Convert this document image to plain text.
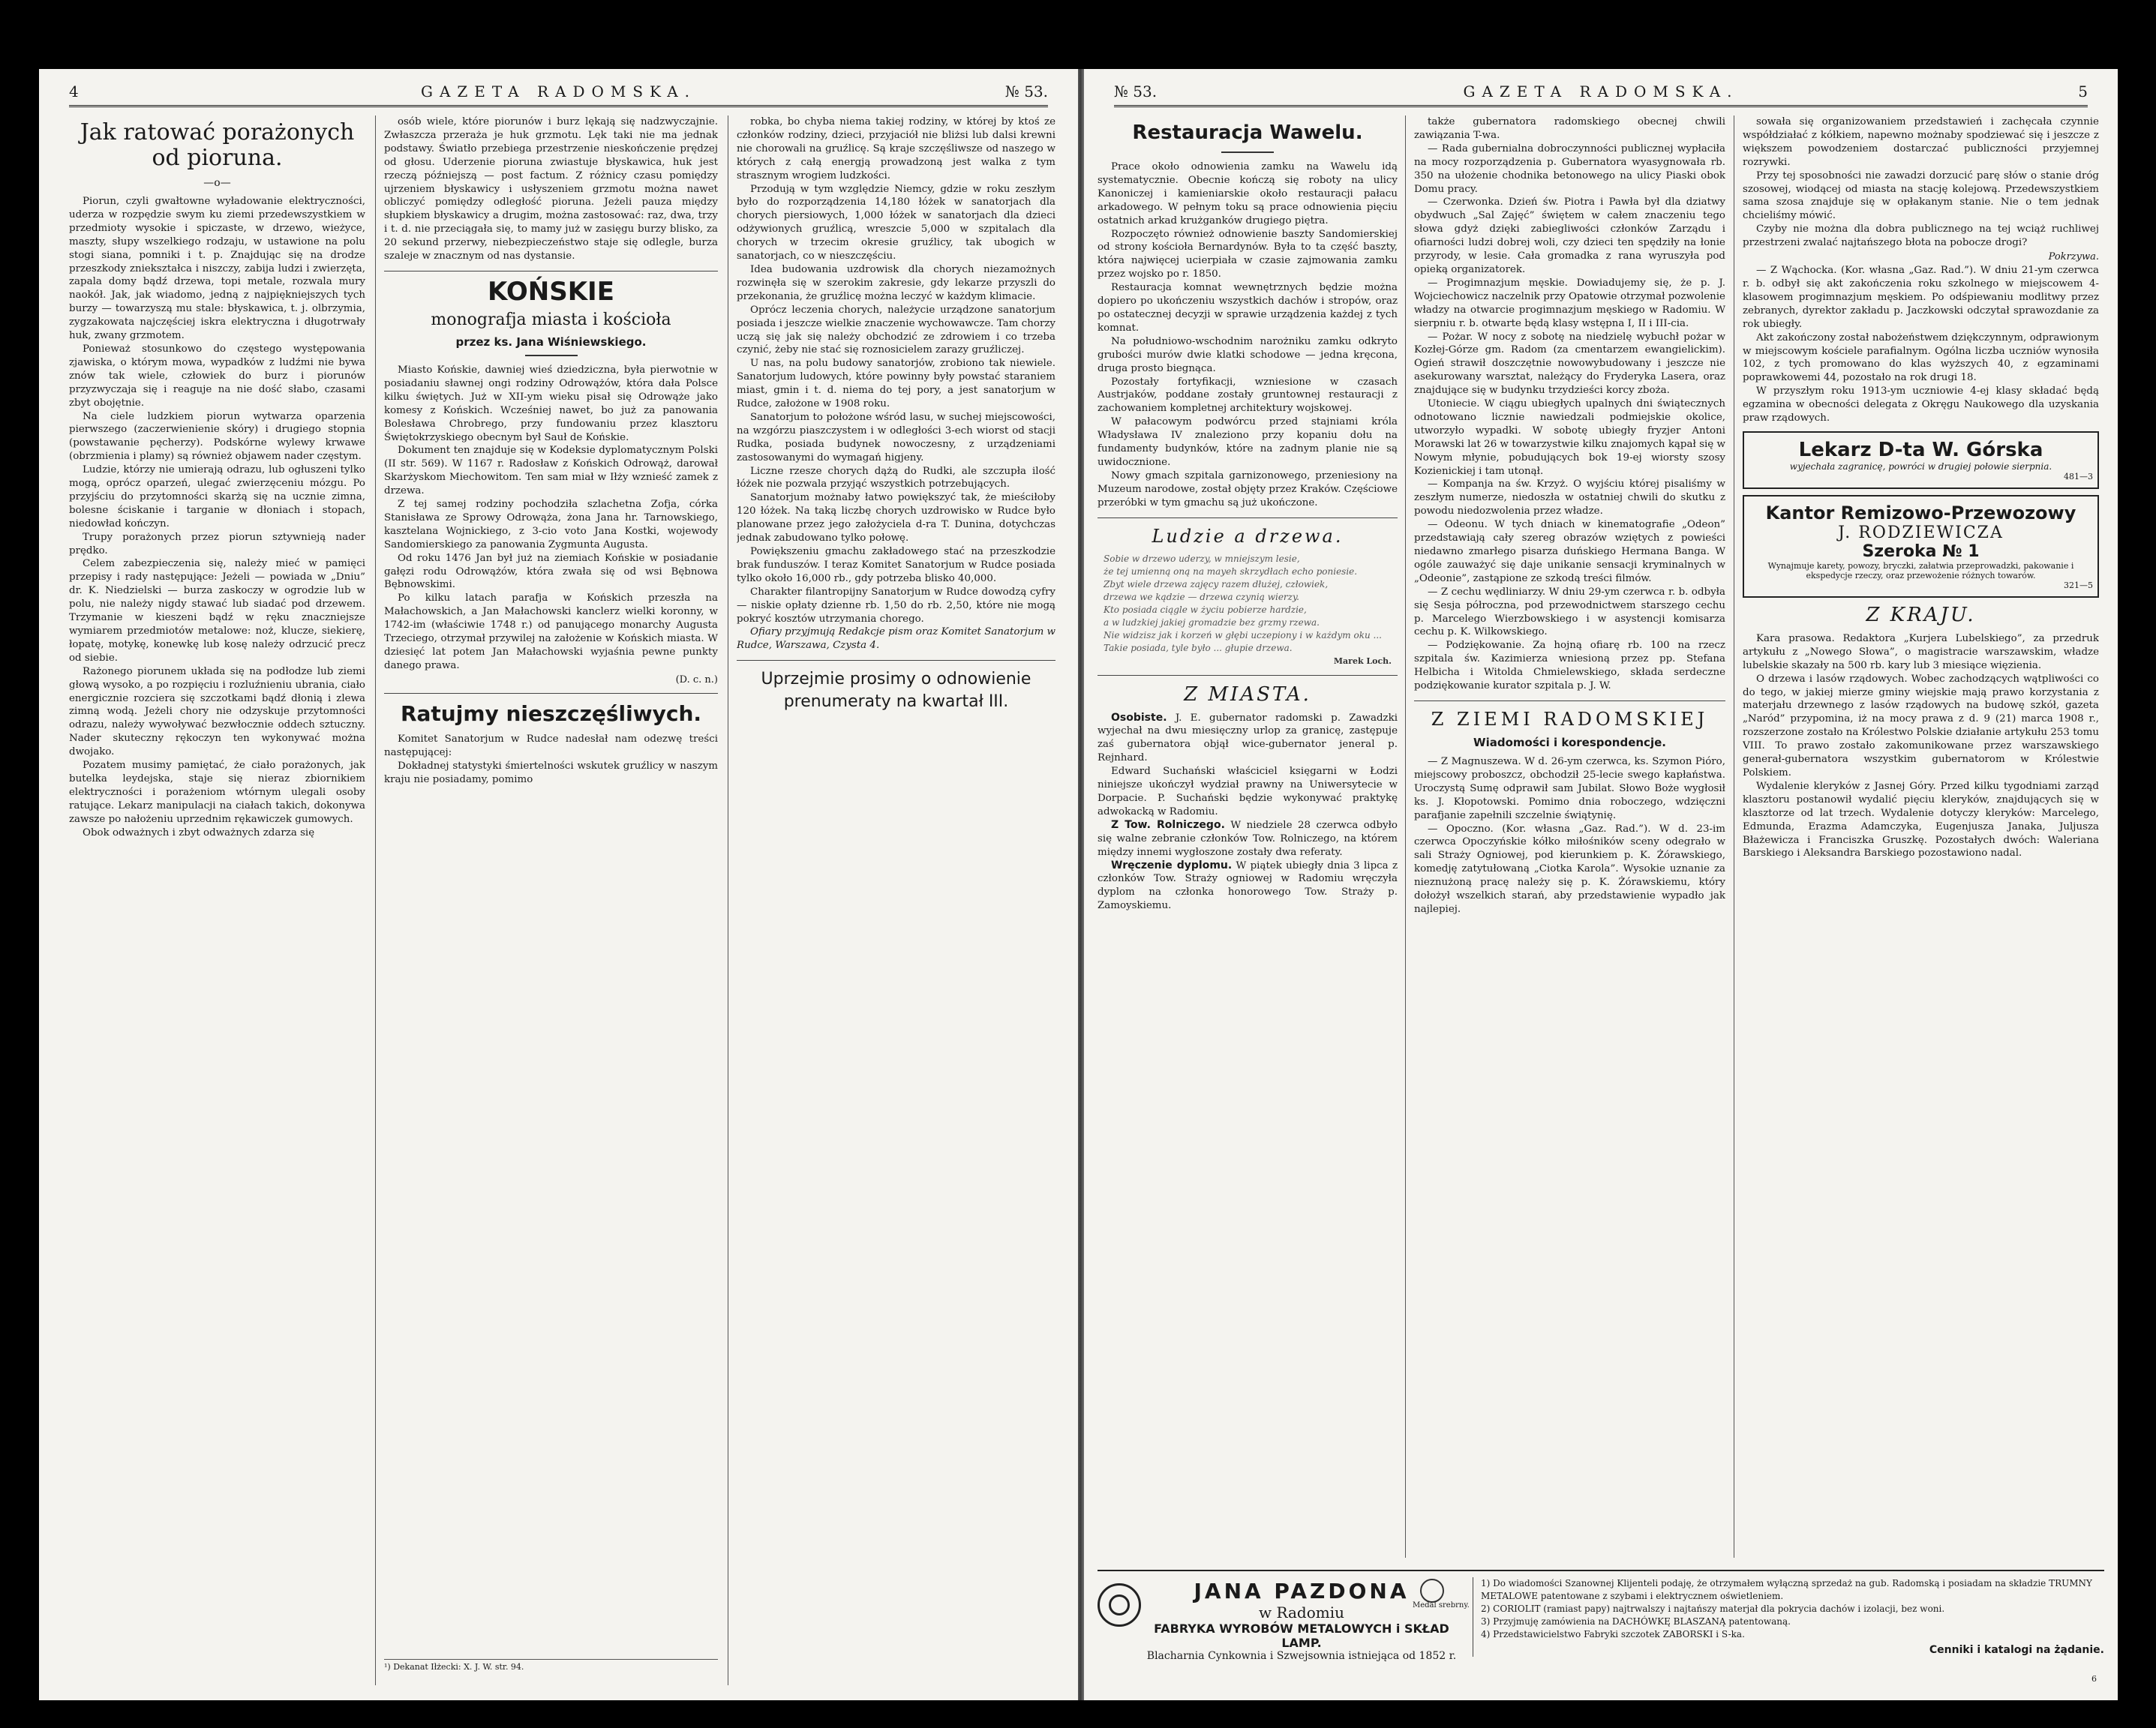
4	GAZETA RADOMSKA.	№ 53.
Jak ratować porażonych od pioruna.
—o—

Piorun, czyli gwałtowne wyładowanie elektryczności, uderza w rozpędzie swym ku ziemi przedewszystkiem w przedmioty wysokie i spiczaste, w drzewo, wieżyce, maszty, słupy wszelkiego rodzaju, w ustawione na polu stogi siana, pomniki i t. p. Znajdując się na drodze przeszkody zniekształca i niszczy, zabija ludzi i zwierzęta, zapala domy bądź drzewa, topi metale, rozwala mury naokół. Jak, jak wiadomo, jedną z najpiękniejszych tych burzy — towarzyszą mu stale: błyskawica, t. j. olbrzymia, zygzakowata najczęściej iskra elektryczna i długotrwały huk, zwany grzmotem.

Ponieważ stosunkowo do częstego występowania zjawiska, o którym mowa, wypadków z ludźmi nie bywa znów tak wiele, człowiek do burz i piorunów przyzwyczaja się i reaguje na nie dość słabo, czasami zbyt obojętnie.

Na ciele ludzkiem piorun wytwarza oparzenia pierwszego (zaczerwienienie skóry) i drugiego stopnia (powstawanie pęcherzy). Podskórne wylewy krwawe (obrzmienia i plamy) są również objawem nader częstym.

Ludzie, którzy nie umierają odrazu, lub ogłuszeni tylko mogą, oprócz oparzeń, ulegać zwierzęceniu mózgu. Po przyjściu do przytomności skarżą się na ucznie zimna, bolesne ściskanie i targanie w dłoniach i stopach, niedowład kończyn.

Trupy porażonych przez piorun sztywnieją nader prędko.

Celem zabezpieczenia się, należy mieć w pamięci przepisy i rady następujące: Jeżeli — powiada w „Dniu” dr. K. Niedzielski — burza zaskoczy w ogrodzie lub w polu, nie należy nigdy stawać lub siadać pod drzewem. Trzymanie w kieszeni bądź w ręku znaczniejsze wymiarem przedmiotów metalowe: noż, klucze, siekierę, łopatę, motykę, konewkę lub kosę należy odrzucić precz od siebie.

Rażonego piorunem układa się na podłodze lub ziemi głową wysoko, a po rozpięciu i rozluźnieniu ubrania, ciało energicznie rozciera się szczotkami bądź dłonią i zlewa zimną wodą. Jeżeli chory nie odzyskuje przytomności odrazu, należy wywoływać bezwłocznie oddech sztuczny. Nader skuteczny rękoczyn ten wykonywać można dwojako.

Pozatem musimy pamiętać, że ciało porażonych, jak butelka leydejska, staje się nieraz zbiornikiem elektryczności i porażeniom wtórnym ulegali osoby ratujące. Lekarz manipulacji na ciałach takich, dokonywa zawsze po nałożeniu uprzednim rękawiczek gumowych.

Obok odważnych i zbyt odważnych zdarza się

osób wiele, które piorunów i burz lękają się nadzwyczajnie. Zwłaszcza przeraża je huk grzmotu. Lęk taki nie ma jednak podstawy. Światło przebiega przestrzenie nieskończenie prędzej od głosu. Uderzenie pioruna zwiastuje błyskawica, huk jest rzeczą późniejszą — post factum. Z różnicy czasu pomiędzy ujrzeniem błyskawicy i usłyszeniem grzmotu można nawet obliczyć pomiędzy odległość pioruna. Jeżeli pauza między słupkiem błyskawicy a drugim, można zastosować: raz, dwa, trzy i t. d. nie przeciągała się, to mamy już w zasięgu burzy blisko, za 20 sekund przerwy, niebezpieczeństwo staje się odlegle, burza szaleje w znacznym od nas dystansie.

KOŃSKIE
monografja miasta i kościoła
przez ks. Jana Wiśniewskiego.

Miasto Końskie, dawniej wieś dziedziczna, była pierwotnie w posiadaniu sławnej ongi rodziny Odrowążów, która dała Polsce kilku świętych. Już w XII-ym wieku pisał się Odrowąże jako komesy z Końskich. Wcześniej nawet, bo już za panowania Bolesława Chrobrego, przy fundowaniu przez klasztoru Świętokrzyskiego obecnym był Sauł de Końskie.

Dokument ten znajduje się w Kodeksie dyplomatycznym Polski (II str. 569). W 1167 r. Radosław z Końskich Odrowąż, darował Skarżyskom Miechowitom. Ten sam miał w Iłży wznieść zamek z drzewa.

Z tej samej rodziny pochodziła szlachetna Zofja, córka Stanisława ze Sprowy Odrowąża, żona Jana hr. Tarnowskiego, kasztelana Wojnickiego, z 3-cio voto Jana Kostki, wojewody Sandomierskiego za panowania Zygmunta Augusta.

Od roku 1476 Jan był już na ziemiach Końskie w posiadanie gałęzi rodu Odrowążów, która zwała się od wsi Bębnowa Bębnowskimi.

Po kilku latach parafja w Końskich przeszła na Małachowskich, a Jan Małachowski kanclerz wielki koronny, w 1742-im (właściwie 1748 r.) od panującego monarchy Augusta Trzeciego, otrzymał przywilej na założenie w Końskich miasta. W dziesięć lat potem Jan Małachowski wyjaśnia pewne punkty danego prawa.

(D. c. n.)
Ratujmy nieszczęśliwych.

Komitet Sanatorjum w Rudce nadesłał nam odezwę treści następującej:

Dokładnej statystyki śmiertelności wskutek gruźlicy w naszym kraju nie posiadamy, pomimo

¹) Dekanat Iłżecki: X. J. W. str. 94.

robka, bo chyba niema takiej rodziny, w której by ktoś ze członków rodziny, dzieci, przyjaciół nie bliżsi lub dalsi krewni nie chorowali na gruźlicę. Są kraje szczęśliwsze od naszego w których z całą energją prowadzoną jest walka z tym strasznym wrogiem ludzkości.

Przodują w tym względzie Niemcy, gdzie w roku zeszłym było do rozporządzenia 14,180 łóżek w sanatorjach dla chorych piersiowych, 1,000 łóżek w sanatorjach dla dzieci odżywionych gruźlicą, wreszcie 5,000 w szpitalach dla chorych w trzecim okresie gruźlicy, tak ubogich w sanatorjach, co w nieszczęściu.

Idea budowania uzdrowisk dla chorych niezamożnych rozwinęła się w szerokim zakresie, gdy lekarze przyszli do przekonania, że gruźlicę można leczyć w każdym klimacie.

Oprócz leczenia chorych, należycie urządzone sanatorjum posiada i jeszcze wielkie znaczenie wychowawcze. Tam chorzy uczą się jak się należy obchodzić ze zdrowiem i co trzeba czynić, żeby nie stać się roznosicielem zarazy gruźliczej.

U nas, na polu budowy sanatorjów, zrobiono tak niewiele. Sanatorjum ludowych, które powinny były powstać staraniem miast, gmin i t. d. niema do tej pory, a jest sanatorjum w Rudce, założone w 1908 roku.

Sanatorjum to położone wśród lasu, w suchej miejscowości, na wzgórzu piaszczystem i w odległości 3-ech wiorst od stacji Rudka, posiada budynek nowoczesny, z urządzeniami zastosowanymi do wymagań higjeny.

Liczne rzesze chorych dążą do Rudki, ale szczupła ilość łóżek nie pozwala przyjąć wszystkich potrzebujących.

Sanatorjum możnaby łatwo powiększyć tak, że mieściłoby 120 łóżek. Na taką liczbę chorych uzdrowisko w Rudce było planowane przez jego założyciela d-ra T. Dunina, dotychczas jednak zabudowano tylko połowę.

Powiększeniu gmachu zakładowego stać na przeszkodzie brak funduszów. I teraz Komitet Sanatorjum w Rudce posiada tylko około 16,000 rb., gdy potrzeba blisko 40,000.

Charakter filantropijny Sanatorjum w Rudce dowodzą cyfry — niskie opłaty dzienne rb. 1,50 do rb. 2,50, które nie mogą pokryć kosztów utrzymania chorego.

Ofiary przyjmują Redakcje pism oraz Komitet Sanatorjum w Rudce, Warszawa, Czysta 4.

Uprzejmie prosimy o odnowienie prenumeraty na kwartał III.
№ 53.	GAZETA RADOMSKA.	5
Restauracja Wawelu.

Prace około odnowienia zamku na Wawelu idą systematycznie. Obecnie kończą się roboty na ulicy Kanoniczej i kamieniarskie około restauracji pałacu arkadowego. W pełnym toku są prace odnowienia pięciu ostatnich arkad krużganków drugiego piętra.

Rozpoczęto również odnowienie baszty Sandomierskiej od strony kościoła Bernardynów. Była to ta część baszty, która najwięcej ucierpiała w czasie zajmowania zamku przez wojsko po r. 1850.

Restauracja komnat wewnętrznych będzie można dopiero po ukończeniu wszystkich dachów i stropów, oraz po ostatecznej decyzji w sprawie urządzenia każdej z tych komnat.

Na południowo-wschodnim narożniku zamku odkryto grubości murów dwie klatki schodowe — jedna kręcona, druga prosto biegnąca.

Pozostały fortyfikacji, wzniesione w czasach Austrjaków, poddane zostały gruntownej restauracji z zachowaniem kompletnej architektury wojskowej.

W pałacowym podwórcu przed stajniami króla Władysława IV znaleziono przy kopaniu dołu na fundamenty budynków, które na zadnym planie nie są uwidocznione.

Nowy gmach szpitala garnizonowego, przeniesiony na Muzeum narodowe, został objęty przez Kraków. Częściowe przeróbki w tym gmachu są już ukończone.

Ludzie a drzewa.
Sobie w drzewo uderzy, w mniejszym lesie,
że tej umienną oną na mayeh skrzydłach echo poniesie.
Zbyt wiele drzewa zajęcy razem dłużej, człowiek,
drzewa we kądzie — drzewa czynią wierzy.
Kto posiada ciągle w życiu pobierze hardzie,
a w ludzkiej jakiej gromadzie bez grzmy rzewa.
Nie widzisz jak i korzeń w głębi uczepiony i w każdym oku ...
Takie posiada, tyle było ... głupie drzewa.
Marek Loch.
Z MIASTA.

Osobiste. J. E. gubernator radomski p. Zawadzki wyjechał na dwu miesięczny urlop za granicę, zastępuje zaś gubernatora objął wice-gubernator jeneral p. Rejnhard.

Edward Suchański właściciel księgarni w Łodzi niniejsze ukończył wydział prawny na Uniwersytecie w Dorpacie. P. Suchański będzie wykonywać praktykę adwokacką w Radomiu.

Z Tow. Rolniczego. W niedziele 28 czerwca odbyło się walne zebranie członków Tow. Rolniczego, na którem między innemi wygłoszone zostały dwa referaty.

Wręczenie dyplomu. W piątek ubiegły dnia 3 lipca z członków Tow. Straży ogniowej w Radomiu wręczyła dyplom na członka honorowego Tow. Straży p. Zamoyskiemu.

także gubernatora radomskiego obecnej chwili zawiązania T-wa.

— Rada gubernialna dobroczynności publicznej wypłaciła na mocy rozporządzenia p. Gubernatora wyasygnowała rb. 350 na ułożenie chodnika betonowego na ulicy Piaski obok Domu pracy.

— Czerwonka. Dzień św. Piotra i Pawła był dla dziatwy obydwuch „Sal Zajęć” świętem w całem znaczeniu tego słowa gdyż dzięki zabiegliwości członków Zarządu i ofiarności ludzi dobrej woli, czy dzieci ten spędziły na łonie przyrody, w lesie. Cała gromadka z rana wyruszyła pod opieką organizatorek.

— Progimnazjum męskie. Dowiadujemy się, że p. J. Wojciechowicz naczelnik przy Opatowie otrzymał pozwolenie władzy na otwarcie progimnazjum męskiego w Radomiu. W sierpniu r. b. otwarte będą klasy wstępna I, II i III-cia.

— Pożar. W nocy z sobotę na niedzielę wybuchł pożar w Kozłej-Górze gm. Radom (za cmentarzem ewangielickim). Ogień strawił doszczętnie nowowybudowany i jeszcze nie asekurowany warsztat, należący do Fryderyka Lasera, oraz znajdujące się w budynku trzydzieści korcy zboża.

Utoniecie. W ciągu ubiegłych upalnych dni świątecznych odnotowano licznie nawiedzali podmiejskie okolice, utworzyło wypadki. W sobotę ubiegły fryzjer Antoni Morawski lat 26 w towarzystwie kilku znajomych kąpał się w Nowym młynie, pobudujących bok 19-ej wiorsty szosy Kozienickiej i tam utonął.

— Kompanja na św. Krzyż. O wyjściu której pisaliśmy w zeszłym numerze, niedoszła w ostatniej chwili do skutku z powodu niedozwolenia przez władze.

— Odeonu. W tych dniach w kinematografie „Odeon” przedstawiają cały szereg obrazów wziętych z powieści niedawno zmarłego pisarza duńskiego Hermana Banga. W ogóle zauważyć się daje unikanie sensacji kryminalnych w „Odeonie”, zastąpione ze szkodą treści filmów.

— Z cechu wędliniarzy. W dniu 29-ym czerwca r. b. odbyła się Sesja półroczna, pod przewodnictwem starszego cechu p. Marcelego Wierzbowskiego i w asystencji komisarza cechu p. K. Wilkowskiego.

— Podziękowanie. Za hojną ofiarę rb. 100 na rzecz szpitala św. Kazimierza wniesioną przez pp. Stefana Helbicha i Witolda Chmielewskiego, składa serdeczne podziękowanie kurator szpitala p. J. W.

Z ZIEMI RADOMSKIEJ
Wiadomości i korespondencje.

— Z Magnuszewa. W d. 26-ym czerwca, ks. Szymon Pióro, miejscowy proboszcz, obchodził 25-lecie swego kapłaństwa. Uroczystą Sumę odprawił sam Jubilat. Słowo Boże wygłosił ks. J. Kłopotowski. Pomimo dnia roboczego, wdzięczni parafjanie zapełnili szczelnie świątynię.

— Opoczno. (Kor. własna „Gaz. Rad.”). W d. 23-im czerwca Opoczyńskie kółko miłośników sceny odegrało w sali Straży Ogniowej, pod kierunkiem p. K. Żórawskiego, komedję zatytułowaną „Ciotka Karola”. Wysokie uznanie za nieznużoną pracę należy się p. K. Żórawskiemu, który dołożył wszelkich starań, aby przedstawienie wypadło jak najlepiej.

sowała się organizowaniem przedstawień i zachęcała czynnie współdziałać z kółkiem, napewno możnaby spodziewać się i jeszcze z większem powodzeniem dostarczać publiczności przyjemnej rozrywki.

Przy tej sposobności nie zawadzi dorzucić parę słów o stanie dróg szosowej, wiodącej od miasta na stację kolejową. Przedewszystkiem sama szosa znajduje się w opłakanym stanie. Nie o tem jednak chcieliśmy mówić.

Czyby nie można dla dobra publicznego na tej wciąż ruchliwej przestrzeni zwalać najtańszego błota na pobocze drogi?

Pokrzywa.

— Z Wąchocka. (Kor. własna „Gaz. Rad.”). W dniu 21-ym czerwca r. b. odbył się akt zakończenia roku szkolnego w miejscowem 4-klasowem progimnazjum męskiem. Po odśpiewaniu modlitwy przez zebranych, dyrektor zakładu p. Jaczkowski odczytał sprawozdanie za rok ubiegły.

Akt zakończony został nabożeństwem dziękczynnym, odprawionym w miejscowym kościele parafialnym. Ogólna liczba uczniów wynosiła 102, z tych promowano do klas wyższych 40, z egzaminami poprawkowemi 44, pozostało na rok drugi 18.

W przyszłym roku 1913-ym uczniowie 4-ej klasy składać będą egzamina w obecności delegata z Okręgu Naukowego dla uzyskania praw rządowych.

Lekarz D-ta W. Górska
wyjechała zagranicę, powróci w drugiej połowie sierpnia.
481—3
Kantor Remizowo-Przewozowy
J. RODZIEWICZA
Szeroka № 1
Wynajmuje karety, powozy, bryczki, załatwia przeprowadzki, pakowanie i ekspedycje rzeczy, oraz przewożenie różnych towarów.
321—5
Z KRAJU.

Kara prasowa. Redaktora „Kurjera Lubelskiego”, za przedruk artykułu z „Nowego Słowa”, o magistracie warszawskim, władze lubelskie skazały na 500 rb. kary lub 3 miesiące więzienia.

O drzewa i lasów rządowych. Wobec zachodzących wątpliwości co do tego, w jakiej mierze gminy wiejskie mają prawo korzystania z materjału drzewnego z lasów rządowych na budowę szkół, gazeta „Naród” przypomina, iż na mocy prawa z d. 9 (21) marca 1908 r., rozszerzone zostało na Królestwo Polskie działanie artykułu 253 tomu VIII. To prawo zostało zakomunikowane przez warszawskiego generał-gubernatora wszystkim gubernatorom w Królestwie Polskiem.

Wydalenie kleryków z Jasnej Góry. Przed kilku tygodniami zarząd klasztoru postanowił wydalić pięciu kleryków, znajdujących się w klasztorze od lat trzech. Wydalenie dotyczy kleryków: Marcelego, Edmunda, Erazma Adamczyka, Eugenjusza Janaka, Juljusza Błażewicza i Franciszka Gruszkę. Pozostałych dwóch: Waleriana Barskiego i Aleksandra Barskiego pozostawiono nadal.

JANA PAZDONA
w Radomiu
FABRYKA WYROBÓW METALOWYCH i SKŁAD LAMP.
Blacharnia Cynkownia i Szwejsownia istniejąca od 1852 r.
Medal srebrny.
1) Do wiadomości Szanownej Klijenteli podaję, że otrzymałem wyłączną sprzedaż na gub. Radomską i posiadam na składzie TRUMNY METALOWE patentowane z szybami i elektrycznem oświetleniem.
2) CORIOLIT (ramiast papy) najtrwalszy i najtańszy materjał dla pokrycia dachów i izolacji, bez woni.
3) Przyjmuję zamówienia na DACHÓWKĘ BLASZANĄ patentowaną.
4) Przedstawicielstwo Fabryki szczotek ZABORSKI i S-ka.
Cenniki i katalogi na żądanie.
6
